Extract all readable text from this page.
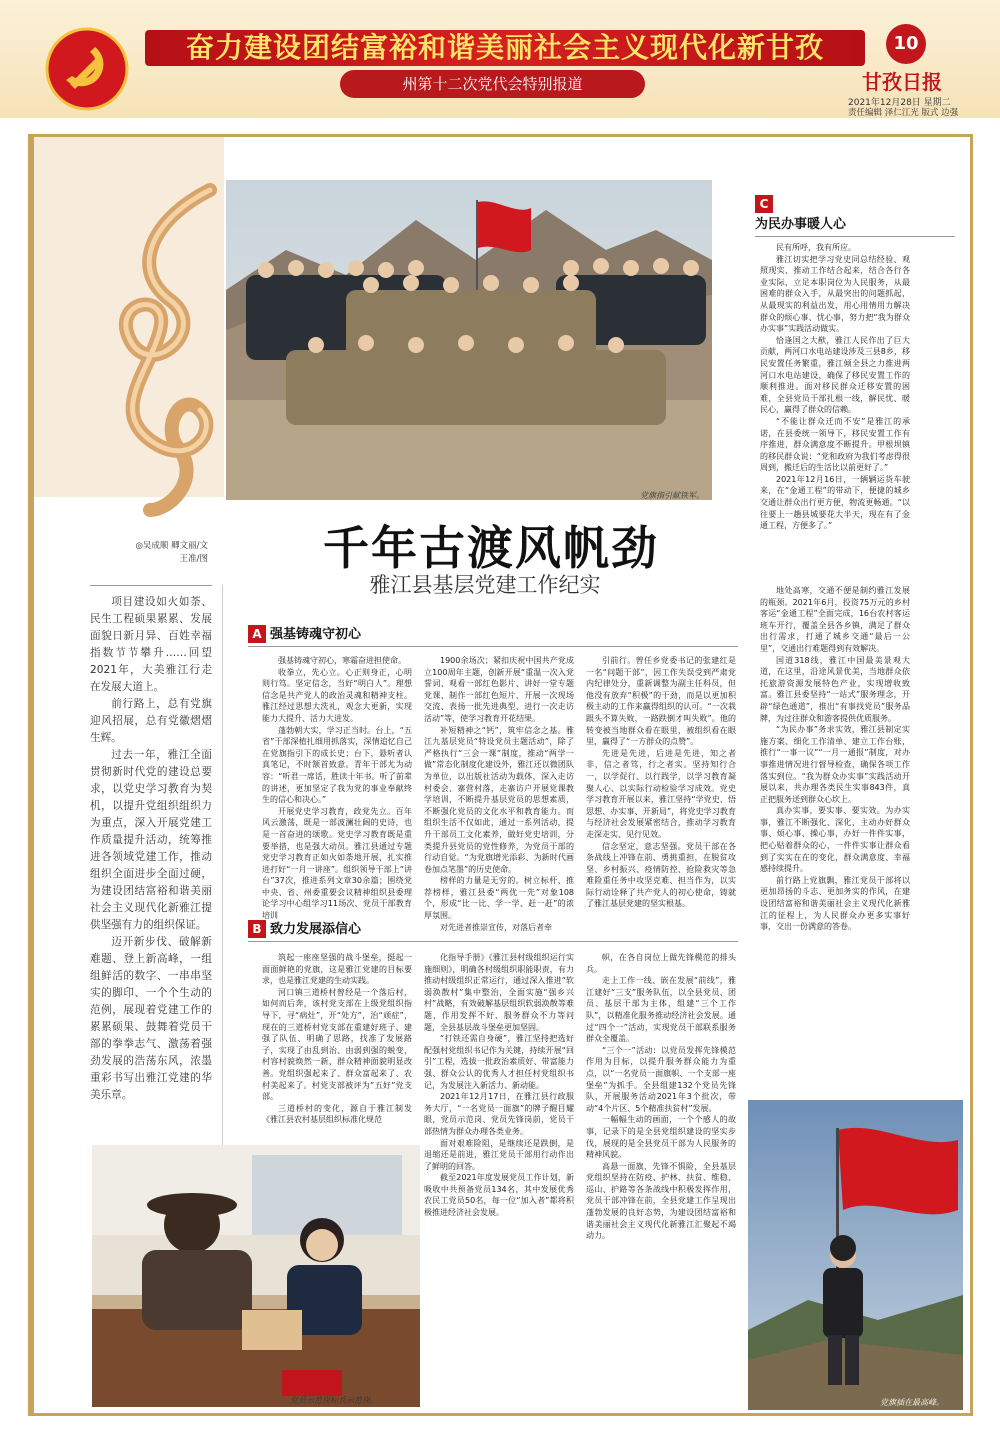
奋力建设团结富裕和谐美丽社会主义现代化新甘孜
州第十二次党代会特别报道
10
甘孜日报
2021年12月28日 星期二
责任编辑 泽仁江光 版式 边强
党旗指引献铁军。
◎吴成顺 卿文丽/文
王准/图	千年古渡风帆劲
雅江县基层党建工作纪实

项目建设如火如荼、民生工程硕果累累、发展面貌日新月异、百姓幸福指数节节攀升……回望2021年，大美雅江行走在发展大道上。

前行路上，总有党旗迎风招展，总有党徽熠熠生辉。

过去一年，雅江全面贯彻新时代党的建设总要求，以党史学习教育为契机，以提升党组织组织力为重点，深入开展党建工作质量提升活动，统筹推进各领域党建工作，推动组织全面进步全面过硬，为建设团结富裕和谐美丽社会主义现代化新雅江提供坚强有力的组织保证。

迈开新步伐、破解新难题、登上新高峰，一组组鲜活的数字、一串串坚实的脚印、一个个生动的范例，展现着党建工作的累累硕果、鼓舞着党员干部的拳拳志气、激荡着强劲发展的浩荡东风，浓墨重彩书写出雅江党建的华美乐章。

A 强基铸魂守初心

强基铸魂守初心，寒霜奋进担使命。

收拳立，先心立。心正则身正，心明则行笃。坚定信念，当好“明白人”。理想信念是共产党人的政治灵魂和精神支柱。雅江经过思想大洗礼，观念大更新，实现能力大提升、活力大进发。

蓬勃朝大实，学习正当时。台上，“五省”干部深植扎细用抓落实，深情追忆自己在党旗指引下的成长史；台下，悬听者认真笔记，不时颔首致意。青年干部尤为动容：“听君一席话，胜读十年书。听了前辈的讲述，更加坚定了我为党的事业奉献终生的信心和决心。”

开展党史学习教育，政党先立。百年风云激荡，既是一部波澜壮阔的史诗，也是一首奋进的颂歌。党史学习教育既是重要举措，也是强大动员。雅江县通过专题党史学习教育正如火如荼地开展，扎实推进打好“一月一讲座”。组织领导干部上“讲台”37次，推进系列文章30余篇；围绕党中央、省、州委重要会议精神组织县委理论学习中心组学习11场次、党员干部教育培训

1900余场次；紧扣庆祝中国共产党成立100周年主题，创新开展“重温一次入党誓词、观看一部红色影片、讲好一堂专题党课、制作一部红色短片、开展一次现场交流、表扬一批先进典型、进行一次走访活动”等，使学习教育开花结果。

补短精神之“钙”，筑牢信念之基。雅江九基层党员“特设党员主题活动”，除了严格执行“三会一课”制度，推动“两学一做”常态化制度化建设外，雅江还以微团队为单位，以出版社活动为载体，深入走访村委会、寨营村落，走寨访户开展党课教学培训，不断提升基层党员的思想素质，不断强化党员的文化水平和教育能力。而组织生活不仅如此，通过一系列活动，提升干部员工文化素养，做好党史培训，分类提升县党员的党性修养，为党员干部的行动自觉。“为党旗增光添彩、为新时代画卷加点笔墨”的历史使命。

榜样的力量是无穷的。树立标杆、推荐榜样，雅江县委“两优一先”对象108个，形成“比一比、学一学、赶一赶”的浓厚氛围。

对先进者推崇宣传，对落后者牵

引前行。曾任乡党委书记的张建红是一名“问题干部”，因工作失误受到严肃党内纪律处分，重新调整为副主任科员，但他没有放弃“积极”的干劲，而是以更加积极主动的工作来赢得组织的认可。“一次栽跟头不算失败，一路跌倒才叫失败”。他的转变被当地群众看在眼里，被组织看在眼里，赢得了“一方群众的点赞”。

先进是先进，后进是先进，知之者非，信之者笃，行之者实。坚持知行合一，以学促行、以行践学，以学习教育凝聚人心、以实际行动检验学习成效。党史学习教育开展以来，雅江坚持“学党史、悟思想、办实事、开新局”，将党史学习教育与经济社会发展紧密结合，推动学习教育走深走实、见行见效。

信念坚定，意志坚强。党员干部在各条战线上冲锋在前、勇挑重担，在脱贫攻坚、乡村振兴、疫情防控、抢险救灾等急难险重任务中攻坚克难、担当作为，以实际行动诠释了共产党人的初心使命，铸就了雅江基层党建的坚实根基。

B 致力发展添信心

筑起一座座坚强的战斗堡垒，挺起一面面鲜艳的党旗，这是雅江党建的目标要求，也是雅江党建的生动实践。

河口镇三道桥村曾经是一个落后村，如何而后奔，该村党支部在上级党组织指导下，寻“病灶”，开“处方”，治“顽症”，现在的三道桥村党支部在重建好班子、建强了队伍、明确了思路，找准了发展路子，实现了由乱到治、由弱到强的蜕变，村容村貌焕然一新，群众精神面貌明显改善。党组织强起来了、群众富起来了、农村美起来了。村党支部被评为“五好”党支部。

三道桥村的变化，源自于雅江制发《雅江县农村基层组织标准化规范

化指导手册》《雅江县村级组织运行实施细则》，明确各村级组织职能职责，有力推动村级组织正常运行，通过深入推进“软弱涣散村”集中整治，全面实施“强乡兴村”战略，有效破解基层组织软弱涣散等难题，作用发挥不好、服务群众不力等问题，全县基层战斗堡垒更加坚固。

“打铁还需自身硬”，雅江坚持把选好配强村党组织书记作为关键，持续开展“回引”工程，选拔一批政治素质好、带富能力强、群众公认的优秀人才担任村党组织书记，为发展注入新活力、新动能。

2021年12月17日，在雅江县行政服务大厅，“一名党员一面旗”的牌子醒目耀眼，党员示范岗、党员先锋岗前，党员干部热情为群众办理各类业务。

面对艰难险阻，是继续还是跌倒，是退缩还是前进，雅江党员干部用行动作出了鲜明的回答。

截至2021年度发展党员工作计划，新吸收中共预备党员134名，其中发展优秀农民工党员50名，每一位“加入者”都将积极推进经济社会发展。

帜，在各自岗位上做先锋模范的排头兵。

走上工作一线、嵌在发展“前线”，雅江建好“三支”服务队伍，以全县党员、团员、基层干部为主体，组建“三个工作队”，以精准化服务推动经济社会发展。通过“四个一”活动，实现党员干部联系服务群众全覆盖。

“三个一”活动：以党员发挥先锋模范作用为目标，以提升服务群众能力为重点，以“一名党员一面旗帜、一个支部一座堡垒”为抓手。全县组建132个党员先锋队，开展服务活动2021年3个批次，带动“4个片区、5个精准扶贫村”发展。

一幅幅生动的画面，一个个感人的故事，记录下的是全县党组织建设的坚实步伐，展现的是全县党员干部为人民服务的精神风貌。

高悬一面旗，先锋不惧险，全县基层党组织坚持在防疫、护林、扶贫、维稳、巡山、护路等各条战线中积极发挥作用，党员干部冲锋在前，全县党建工作呈现出蓬勃发展的良好态势，为建设团结富裕和谐美丽社会主义现代化新雅江汇聚起不竭动力。

党员示范岗标兵示范岗。
C
为民办事暖人心

民有所呼，我有所应。

雅江切实把学习党史同总结经验、观照现实、推动工作结合起来，结合各行各业实际，立足本职岗位为人民服务，从最困难的群众入手，从最突出的问题抓起，从最现实的利益出发，用心用情用力解决群众的烦心事、忧心事，努力把“我为群众办实事”实践活动做实。

恰逢国之大猷，雅江人民作出了巨大贡献，两河口水电站建设涉及三县8乡，移民安置任务繁重，雅江倾全县之力推进两河口水电站建设，确保了移民安置工作的顺利推进。面对移民群众迁移安置的困难，全县党员干部扎根一线，解民忧、暖民心，赢得了群众的信赖。

“不能让群众迁而不安”是雅江的承诺，在县委统一领导下，移民安置工作有序推进，群众满意度不断提升。甲根坝镇的移民群众说：“党和政府为我们考虑得很周到，搬迁后的生活比以前更好了。”

2021年12月16日，一辆辆运货车驶来，在“金通工程”的带动下，便捷的城乡交通让群众出行更方便，物流更畅通。“以往要上一趟县城要花大半天，现在有了金通工程，方便多了。”

地处高寒，交通不便是制约雅江发展的瓶颈。2021年6月，投资75万元的乡村客运“金通工程”全面完成，16台农村客运班车开行，覆盖全县各乡镇，满足了群众出行需求，打通了城乡交通“最后一公里”，交通出行难题得到有效解决。

国道318线，雅江中国最美景观大道，在这里，沿途风景优美，当地群众依托旅游资源发展特色产业，实现增收致富。雅江县委坚持“一站式”服务理念，开辟“绿色通道”，推出“有事找党员”服务品牌，为过往群众和游客提供优质服务。

“为民办事”务求实效，雅江县制定实施方案、细化工作清单、建立工作台账，推行“一事一议”“一月一通报”制度，对办事推进情况进行督导检查，确保各项工作落实到位。“我为群众办实事”实践活动开展以来，共办理各类民生实事843件，真正把服务送到群众心坎上。

真办实事，要实事、要实效。为办实事，雅江不断强化、深化，主动办好群众事、烦心事、操心事，办好一件件实事，把心贴着群众的心，一件件实事让群众看到了实实在在的变化，群众满意度、幸福感持续提升。

前行路上党旗飘，雅江党员干部将以更加昂扬的斗志、更加务实的作风，在建设团结富裕和谐美丽社会主义现代化新雅江的征程上，为人民群众办更多实事好事，交出一份满意的答卷。

党旗插在最高峰。
